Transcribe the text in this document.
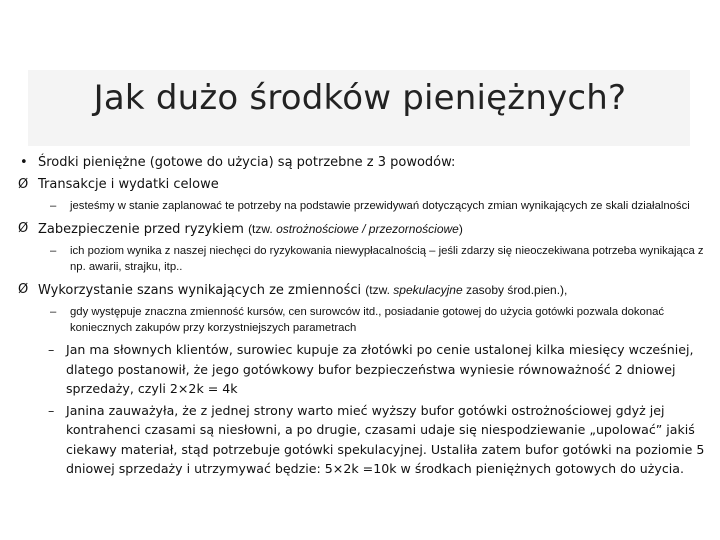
Jak dużo środków pieniężnych?
• Środki pieniężne (gotowe do użycia) są potrzebne z 3 powodów:
Ø Transakcje i wydatki celowe
– jesteśmy w stanie zaplanować te potrzeby na podstawie przewidywań dotyczących zmian wynikających ze skali działalności
Ø Zabezpieczenie przed ryzykiem (tzw. ostrożnościowe / przezornościowe)
– ich poziom wynika z naszej niechęci do ryzykowania niewypłacalnością – jeśli zdarzy się nieoczekiwana potrzeba wynikająca z np. awarii, strajku, itp..
Ø Wykorzystanie szans wynikających ze zmienności (tzw. spekulacyjne zasoby środ.pien.),
– gdy występuje znaczna zmienność kursów, cen surowców itd., posiadanie gotowej do użycia gotówki pozwala dokonać koniecznych zakupów przy korzystniejszych parametrach
– Jan ma słownych klientów, surowiec kupuje za złotówki po cenie ustalonej kilka miesięcy wcześniej, dlatego postanowił, że jego gotówkowy bufor bezpieczeństwa wyniesie równoważność 2 dniowej sprzedaży, czyli 2×2k = 4k
– Janina zauważyła, że z jednej strony warto mieć wyższy bufor gotówki ostrożnościowej gdyż jej kontrahenci czasami są niesłowni, a po drugie, czasami udaje się niespodziewanie „upolować” jakiś ciekawy materiał, stąd potrzebuje gotówki spekulacyjnej. Ustaliła zatem bufor gotówki na poziomie 5 dniowej sprzedaży i utrzymywać będzie: 5×2k =10k w środkach pieniężnych gotowych do użycia.
